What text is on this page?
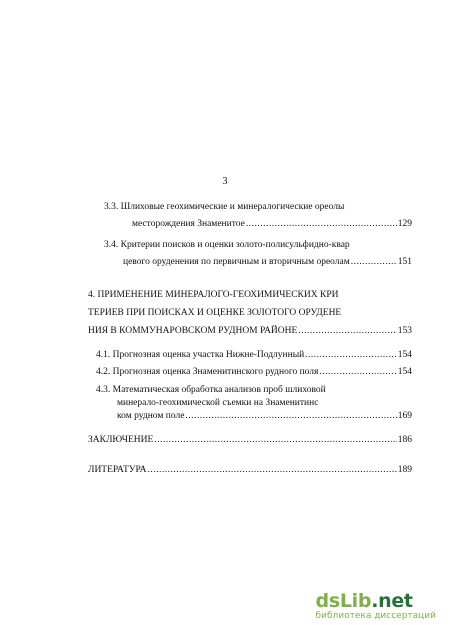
3
3.3. Шлиховые геохимические и минералогические ореолы
месторождения Знаменитое .....	129
3.4. Критерии поисков и оценки золото-полисульфидно-квар
цевого оруденения по первичным и вторичным ореолам .....	151
4. ПРИМЕНЕНИЕ МИНЕРАЛОГО-ГЕОХИМИЧЕСКИХ КРИ
ТЕРИЕВ ПРИ ПОИСКАХ И ОЦЕНКЕ ЗОЛОТОГО ОРУДЕНЕ
НИЯ В КОММУНАРОВСКОМ РУДНОМ РАЙОНЕ .....	153
4.1. Прогнозная оценка участка Нижне-Подлунный .....	154
4.2. Прогнозная оценка Знаменитинского рудного поля .....	154
4.3. Математическая обработка анализов проб шлиховой
минерало-геохимической съемки на Знаменитинс
ком рудном поле .....	169
ЗАКЛЮЧЕНИЕ .....	186
ЛИТЕРАТУРА .....	189
dsLib.net
библиотека диссертаций
